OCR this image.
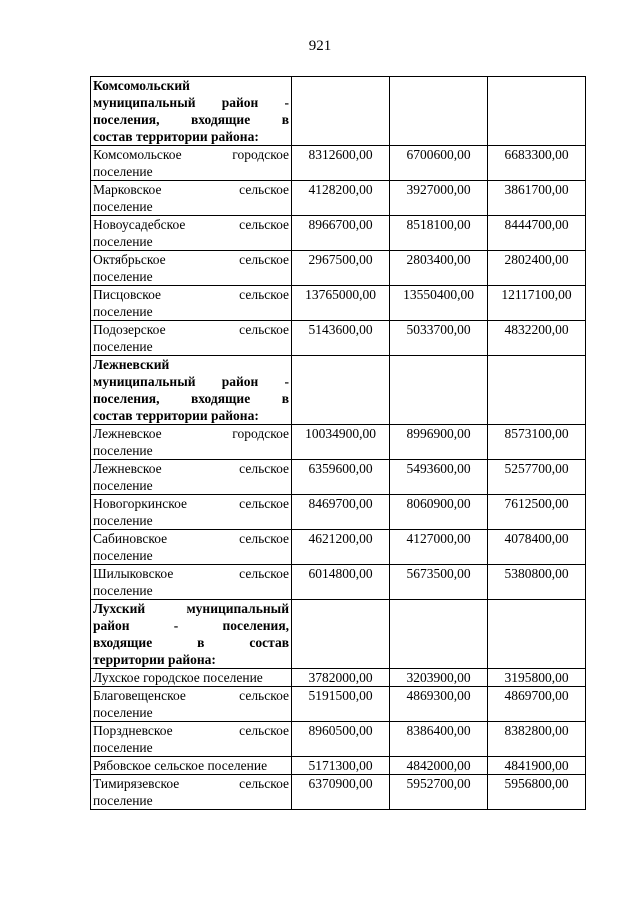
921
Комсомольский
муниципальный район -
поселения, входящие в
состав территории района:			

Комсомольское городское
поселение	8312600,00	6700600,00	6683300,00

Марковское сельское
поселение	4128200,00	3927000,00	3861700,00

Новоусадебское сельское
поселение	8966700,00	8518100,00	8444700,00

Октябрьское сельское
поселение	2967500,00	2803400,00	2802400,00

Писцовское сельское
поселение	13765000,00	13550400,00	12117100,00

Подозерское сельское
поселение	5143600,00	5033700,00	4832200,00

Лежневский
муниципальный район -
поселения, входящие в
состав территории района:			

Лежневское городское
поселение	10034900,00	8996900,00	8573100,00

Лежневское сельское
поселение	6359600,00	5493600,00	5257700,00

Новогоркинское сельское
поселение	8469700,00	8060900,00	7612500,00

Сабиновское сельское
поселение	4621200,00	4127000,00	4078400,00

Шилыковское сельское
поселение	6014800,00	5673500,00	5380800,00

Лухский муниципальный
район - поселения,
входящие в состав
территории района:			

Лухское городское поселение	3782000,00	3203900,00	3195800,00

Благовещенское сельское
поселение	5191500,00	4869300,00	4869700,00

Порздневское сельское
поселение	8960500,00	8386400,00	8382800,00

Рябовское сельское поселение	5171300,00	4842000,00	4841900,00

Тимирязевское сельское
поселение	6370900,00	5952700,00	5956800,00
